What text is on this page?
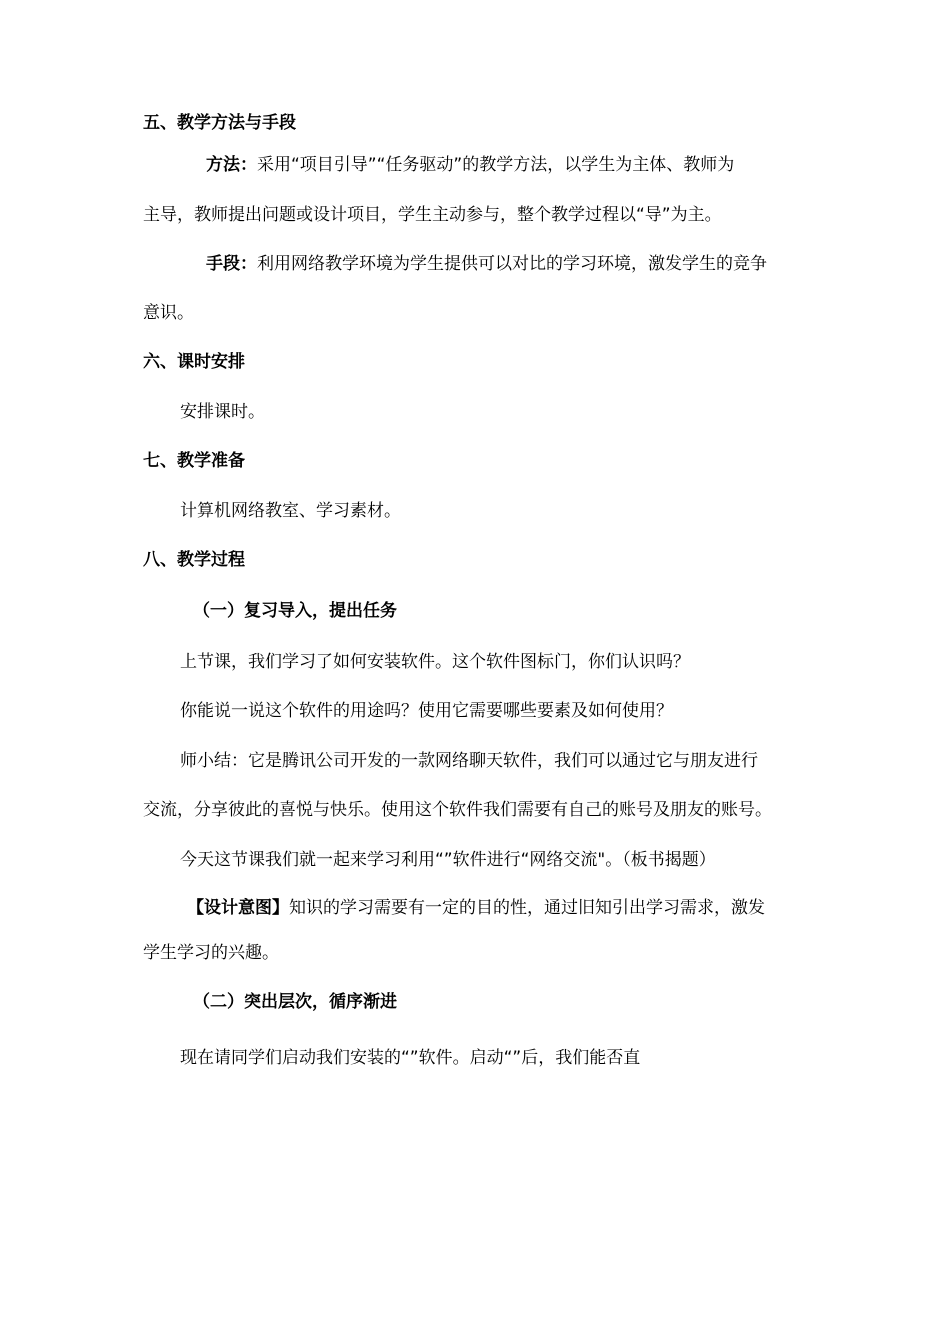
五、教学方法与手段
方法：采用“项目引导”“任务驱动”的教学方法，以学生为主体、教师为
主导，教师提出问题或设计项目，学生主动参与，整个教学过程以“导”为主。
手段：利用网络教学环境为学生提供可以对比的学习环境，激发学生的竞争
意识。
六、课时安排
安排课时。
七、教学准备
计算机网络教室、学习素材。
八、教学过程
（一）复习导入，提出任务
上节课，我们学习了如何安装软件。这个软件图标门，你们认识吗？
你能说一说这个软件的用途吗？使用它需要哪些要素及如何使用？
师小结：它是腾讯公司开发的一款网络聊天软件，我们可以通过它与朋友进行
交流，分享彼此的喜悦与快乐。使用这个软件我们需要有自己的账号及朋友的账号。
今天这节课我们就一起来学习利用“”软件进行“网络交流"。（板书揭题）
【设计意图】知识的学习需要有一定的目的性，通过旧知引出学习需求，激发
学生学习的兴趣。
（二）突出层次，循序渐进
现在请同学们启动我们安装的“”软件。启动“”后，我们能否直
